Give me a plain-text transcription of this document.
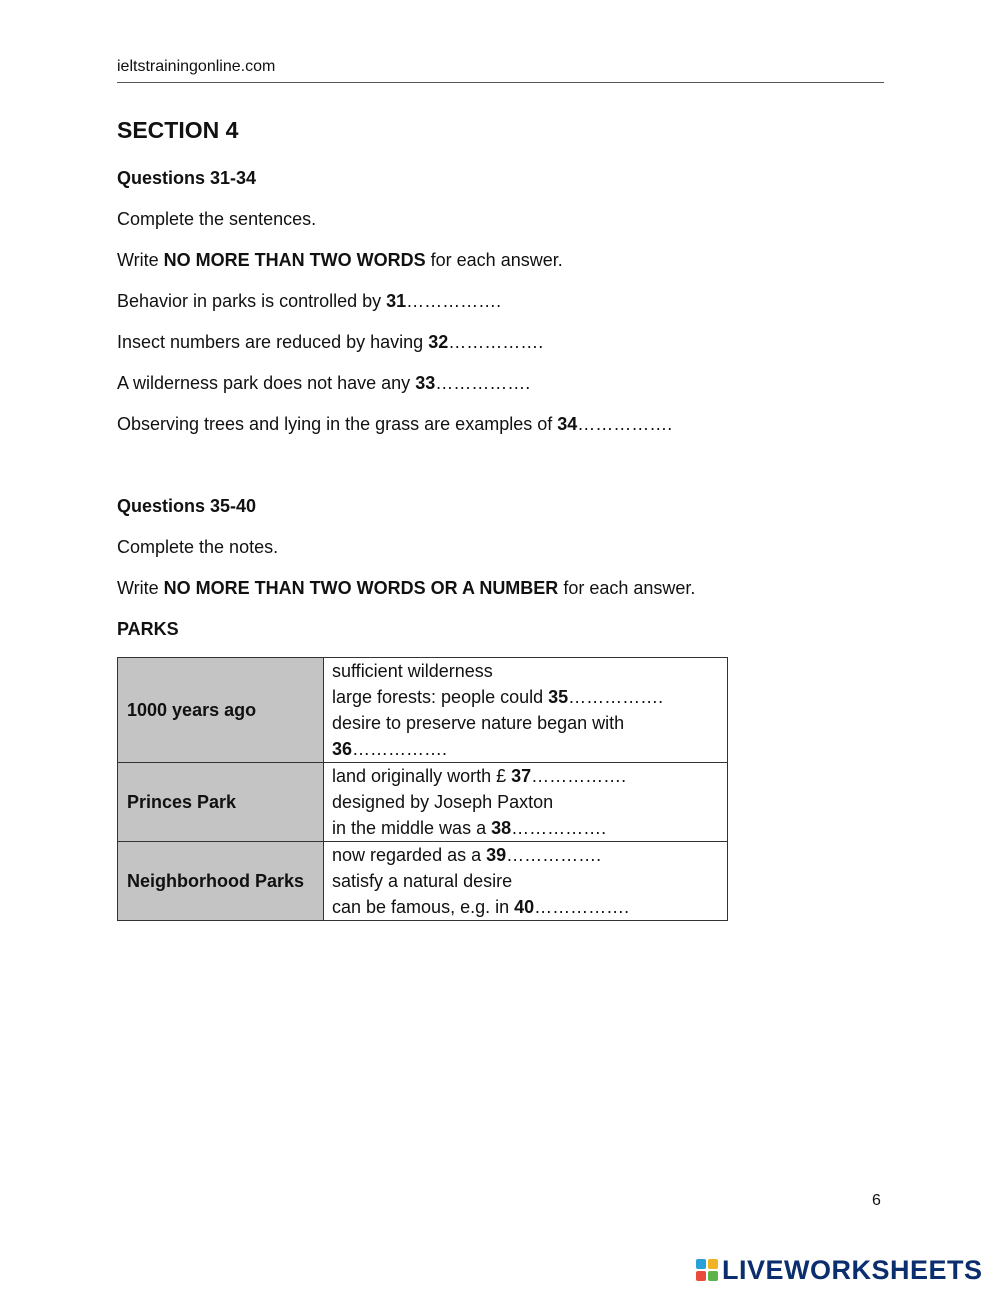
ieltstrainingonline.com
SECTION 4
Questions 31-34
Complete the sentences.
Write NO MORE THAN TWO WORDS for each answer.
Behavior in parks is controlled by 31…………….
Insect numbers are reduced by having 32…………….
A wilderness park does not have any 33…………….
Observing trees and lying in the grass are examples of 34…………….
Questions 35-40
Complete the notes.
Write NO MORE THAN TWO WORDS OR A NUMBER for each answer.
PARKS
1000 years ago	sufficient wilderness
large forests: people could 35…………….
desire to preserve nature began with
36…………….

Princes Park	land originally worth £ 37…………….
designed by Joseph Paxton
in the middle was a 38…………….

Neighborhood Parks	now regarded as a 39…………….
satisfy a natural desire
can be famous, e.g. in 40…………….
6
LIVEWORKSHEETS
